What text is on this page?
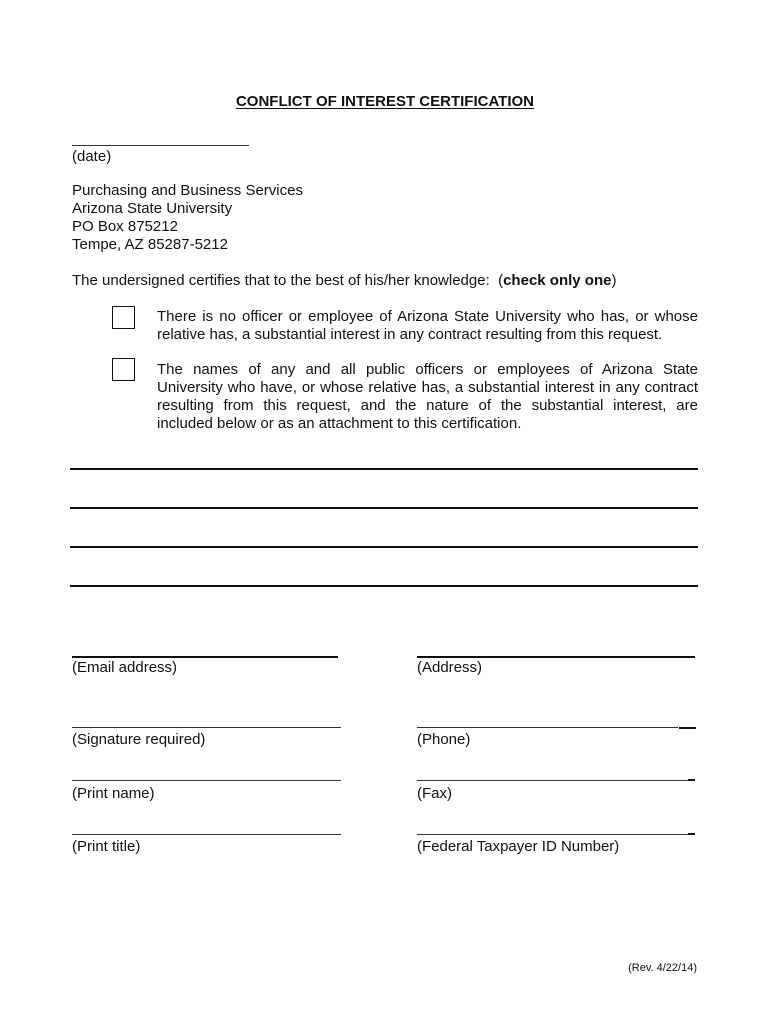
CONFLICT OF INTEREST CERTIFICATION
(date)
Purchasing and Business Services
Arizona State University
PO Box 875212
Tempe, AZ 85287-5212
The undersigned certifies that to the best of his/her knowledge:  (check only one)
There is no officer or employee of Arizona State University who has, or whose
relative has, a substantial interest in any contract resulting from this request.
The names of any and all public officers or employees of Arizona State
University who have, or whose relative has, a substantial interest in any contract
resulting from this request, and the nature of the substantial interest, are
included below or as an attachment to this certification.
(Email address)	(Address)
(Signature required)	(Phone)
(Print name)	(Fax)
(Print title)	(Federal Taxpayer ID Number)
(Rev. 4/22/14)
